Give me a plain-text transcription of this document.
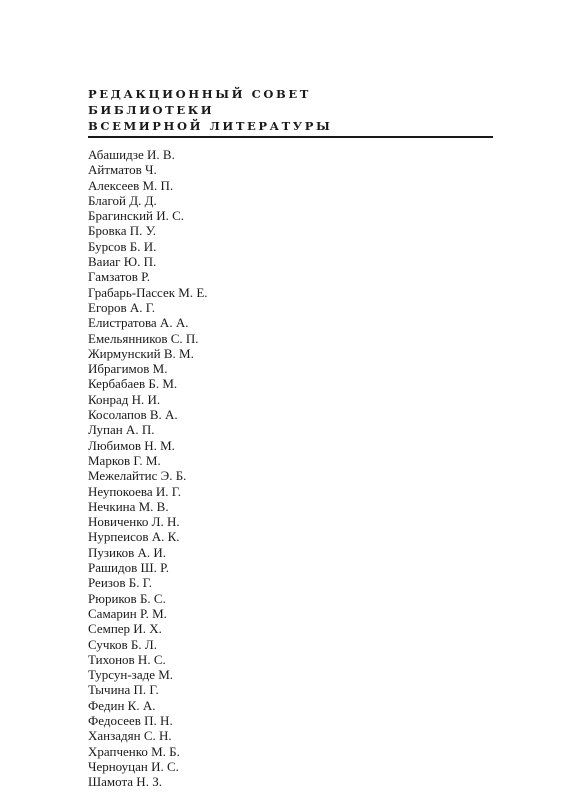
РЕДАКЦИОННЫЙ СОВЕТ
БИБЛИОТЕКИ
ВСЕМИРНОЙ ЛИТЕРАТУРЫ
Абашидзе И. В.
Айтматов Ч.
Алексеев М. П.
Благой Д. Д.
Брагинский И. С.
Бровка П. У.
Бурсов Б. И.
Ваиаг Ю. П.
Гамзатов Р.
Грабарь-Пассек М. Е.
Егоров А. Г.
Елистратова А. А.
Емельянников С. П.
Жирмунский В. М.
Ибрагимов М.
Кербабаев Б. М.
Конрад Н. И.
Косолапов В. А.
Лупан А. П.
Любимов Н. М.
Марков Г. М.
Межелайтис Э. Б.
Неупокоева И. Г.
Нечкина М. В.
Новиченко Л. Н.
Нурпеисов А. К.
Пузиков А. И.
Рашидов Ш. Р.
Реизов Б. Г.
Рюриков Б. С.
Самарин Р. М.
Семпер И. Х.
Сучков Б. Л.
Тихонов Н. С.
Турсун-заде М.
Тычина П. Г.
Федин К. А.
Федосеев П. Н.
Ханзадян С. Н.
Храпченко М. Б.
Черноуцан И. С.
Шамота Н. З.
